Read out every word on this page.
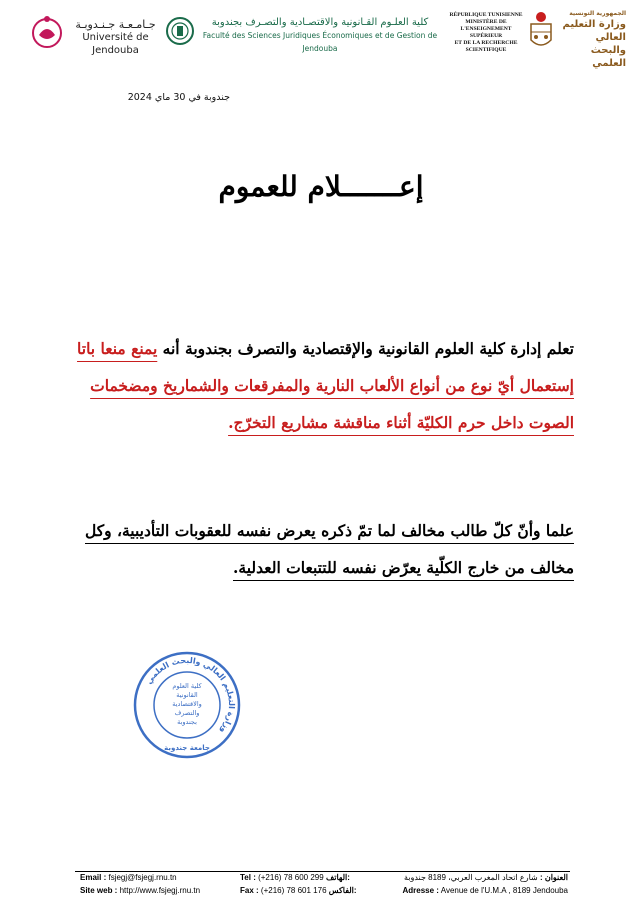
جـامـعـة جـنـدوبـة
Université de Jendouba
كلية العلـوم القـانونية والاقتصـادية والتصـرف بجندوبة
Faculté des Sciences Juridiques Économiques et de Gestion de Jendouba
RÉPUBLIQUE TUNISIENNE
MINISTÈRE DE
L'ENSEIGNEMENT SUPÉRIEUR
ET DE LA RECHERCHE
SCIENTIFIQUE
الجمهورية التونسية
وزارة التعليم العالي
والبحث العلمي
جندوبة في 30 ماي 2024
إعـــــــلام للعموم
تعلم إدارة كلية العلوم القانونية والإقتصادية والتصرف بجندوبة أنه يمنع منعا باتا
إستعمال أيّ نوع من أنواع الألعاب النارية والمفرقعات والشماريخ ومضخمات
الصوت داخل حرم الكليّة أثناء مناقشة مشاريع التخرّج.
علما وأنّ كلّ طالب مخالف لما تمّ ذكره يعرض نفسه للعقوبات التأديبية، وكل
مخالف من خارج الكلّية يعرّض نفسه للتتبعات العدلية.
وزارة التعليم العالي والبحث العلمي
كلية العلوم
القانونية
والاقتصادية
والتصرف
بجندوبة
جامعة جندوبة
Email : fsjegj@fsjegj.rnu.tn
Site web : http://www.fsjegj.rnu.tn
Tel : (+216) 78 600 299 الهاتف:
Fax : (+216) 78 601 176 الفاكس:
العنوان : شارع اتحاد المغرب العربي، 8189 جندوبة
Adresse : Avenue de l'U.M.A , 8189 Jendouba
